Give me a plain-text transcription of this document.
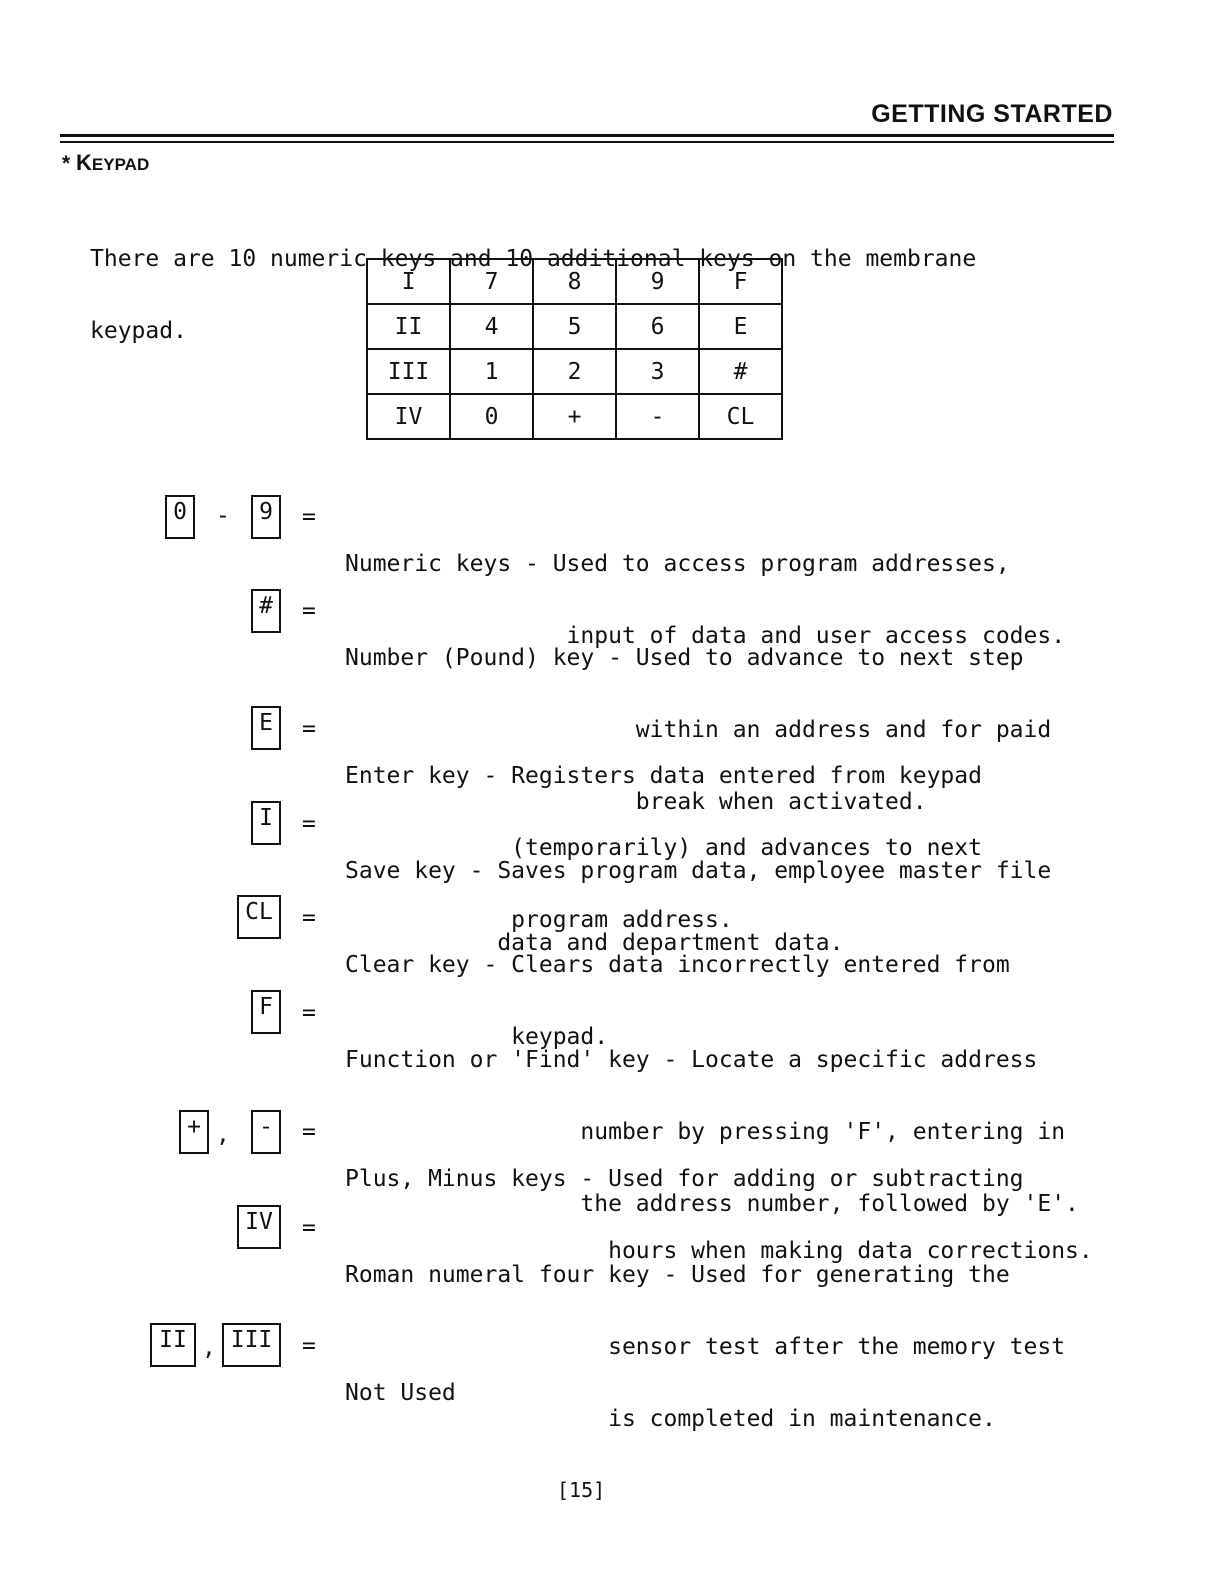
GETTING STARTED
* KEYPAD

There are 10 numeric keys and 10 additional keys on the membrane

keypad.

I	7	8	9	F
II	4	5	6	E
III	1	2	3	#
IV	0	+	-	CL
0	-	9	=

Numeric keys - Used to access program addresses,

input of data and user access codes.

#	=

Number (Pound) key - Used to advance to next step

within an address and for paid

break when activated.

E	=

Enter key - Registers data entered from keypad

(temporarily) and advances to next

program address.

I	=

Save key - Saves program data, employee master file

data and department data.

CL	=

Clear key - Clears data incorrectly entered from

keypad.

F	=

Function or 'Find' key - Locate a specific address

number by pressing 'F', entering in

the address number, followed by 'E'.

+ ,	-	=

Plus, Minus keys - Used for adding or subtracting

hours when making data corrections.

IV	=

Roman numeral four key - Used for generating the

sensor test after the memory test

is completed in maintenance.

II , III	=

Not Used

[15]
